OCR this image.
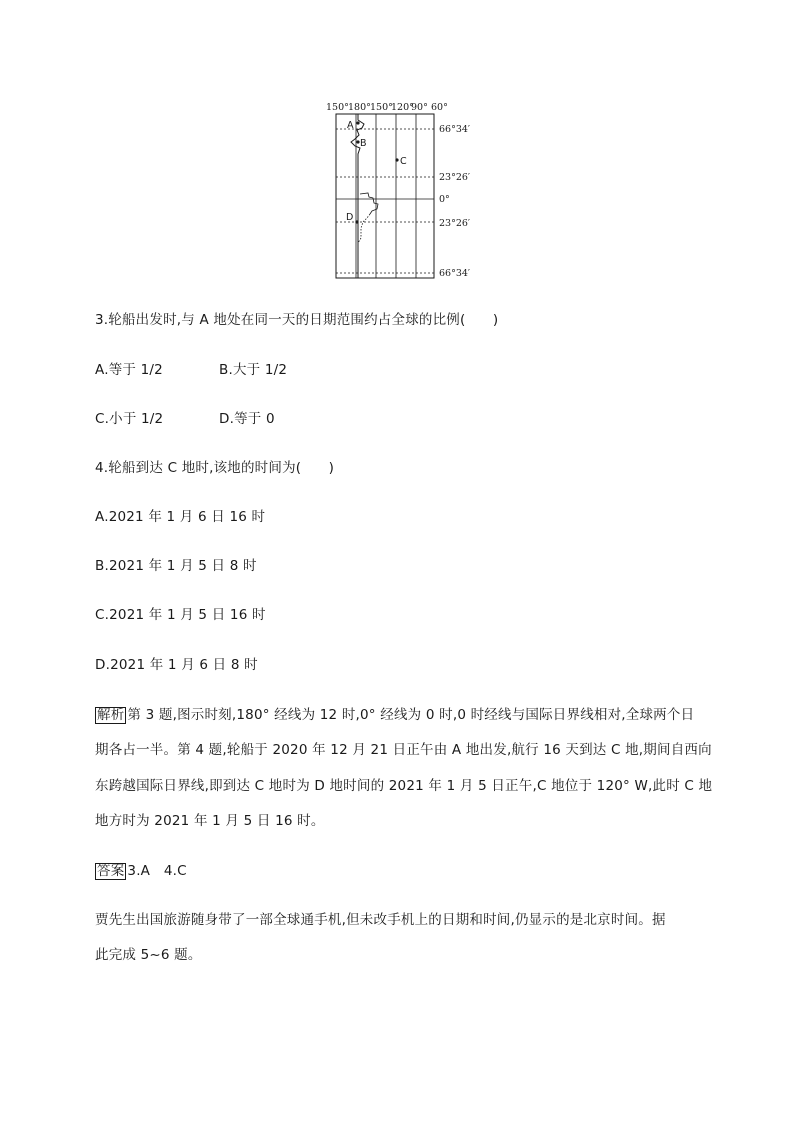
150° 180° 150°
120°
90° 60°
A
B
C
D
66°34′
23°26′
0°
23°26′
66°34′
3.轮船出发时,与 A 地处在同一天的日期范围约占全球的比例(　　)
A.等于 1/2	B.大于 1/2
C.小于 1/2	D.等于 0
4.轮船到达 C 地时,该地的时间为(　　)
A.2021 年 1 月 6 日 16 时
B.2021 年 1 月 5 日 8 时
C.2021 年 1 月 5 日 16 时
D.2021 年 1 月 6 日 8 时
解析 第 3 题,图示时刻,180° 经线为 12 时,0° 经线为 0 时,0 时经线与国际日界线相对,全球两个日
期各占一半。第 4 题,轮船于 2020 年 12 月 21 日正午由 A 地出发,航行 16 天到达 C 地,期间自西向
东跨越国际日界线,即到达 C 地时为 D 地时间的 2021 年 1 月 5 日正午,C 地位于 120° W,此时 C 地
地方时为 2021 年 1 月 5 日 16 时。
答案 3.A　4.C
贾先生出国旅游随身带了一部全球通手机,但未改手机上的日期和时间,仍显示的是北京时间。据
此完成 5~6 题。
